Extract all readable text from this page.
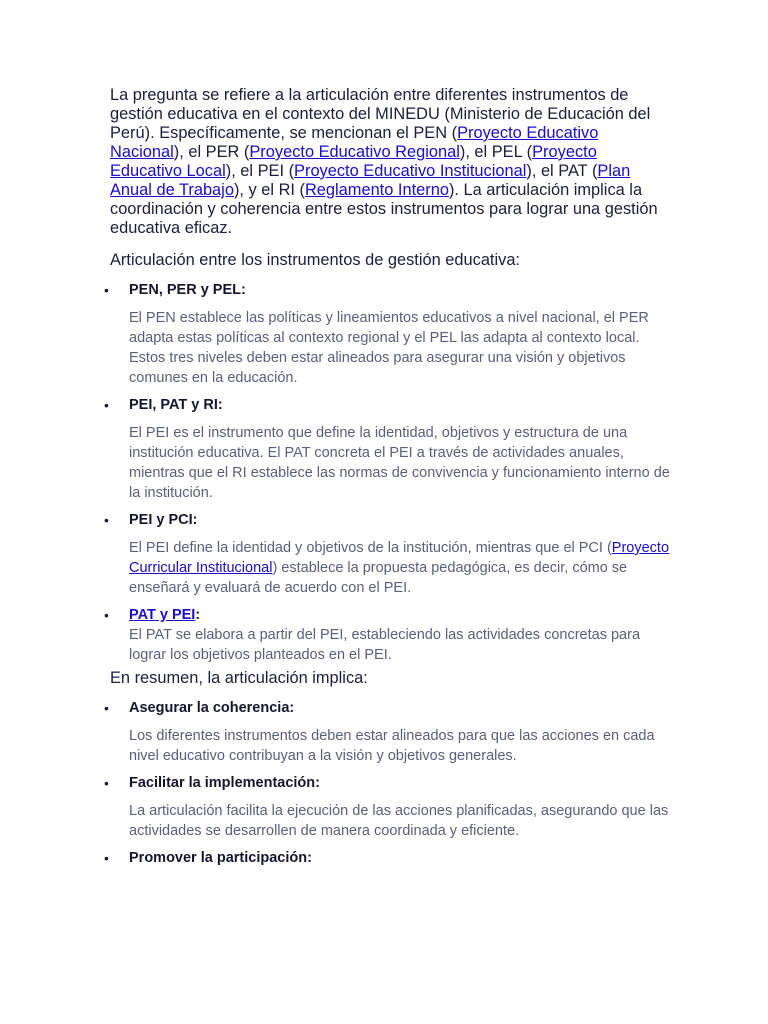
La pregunta se refiere a la articulación entre diferentes instrumentos de gestión educativa en el contexto del MINEDU (Ministerio de Educación del Perú). Específicamente, se mencionan el PEN (Proyecto Educativo Nacional), el PER (Proyecto Educativo Regional), el PEL (Proyecto Educativo Local), el PEI (Proyecto Educativo Institucional), el PAT (Plan Anual de Trabajo), y el RI (Reglamento Interno). La articulación implica la coordinación y coherencia entre estos instrumentos para lograr una gestión educativa eficaz.

Articulación entre los instrumentos de gestión educativa:

• PEN, PER y PEL:

El PEN establece las políticas y lineamientos educativos a nivel nacional, el PER adapta estas políticas al contexto regional y el PEL las adapta al contexto local. Estos tres niveles deben estar alineados para asegurar una visión y objetivos comunes en la educación.

• PEI, PAT y RI:

El PEI es el instrumento que define la identidad, objetivos y estructura de una institución educativa. El PAT concreta el PEI a través de actividades anuales, mientras que el RI establece las normas de convivencia y funcionamiento interno de la institución.

• PEI y PCI:

El PEI define la identidad y objetivos de la institución, mientras que el PCI (Proyecto Curricular Institucional) establece la propuesta pedagógica, es decir, cómo se enseñará y evaluará de acuerdo con el PEI.

• PAT y PEI:

El PAT se elabora a partir del PEI, estableciendo las actividades concretas para lograr los objetivos planteados en el PEI.

En resumen, la articulación implica:

• Asegurar la coherencia:

Los diferentes instrumentos deben estar alineados para que las acciones en cada nivel educativo contribuyan a la visión y objetivos generales.

• Facilitar la implementación:

La articulación facilita la ejecución de las acciones planificadas, asegurando que las actividades se desarrollen de manera coordinada y eficiente.

• Promover la participación:
